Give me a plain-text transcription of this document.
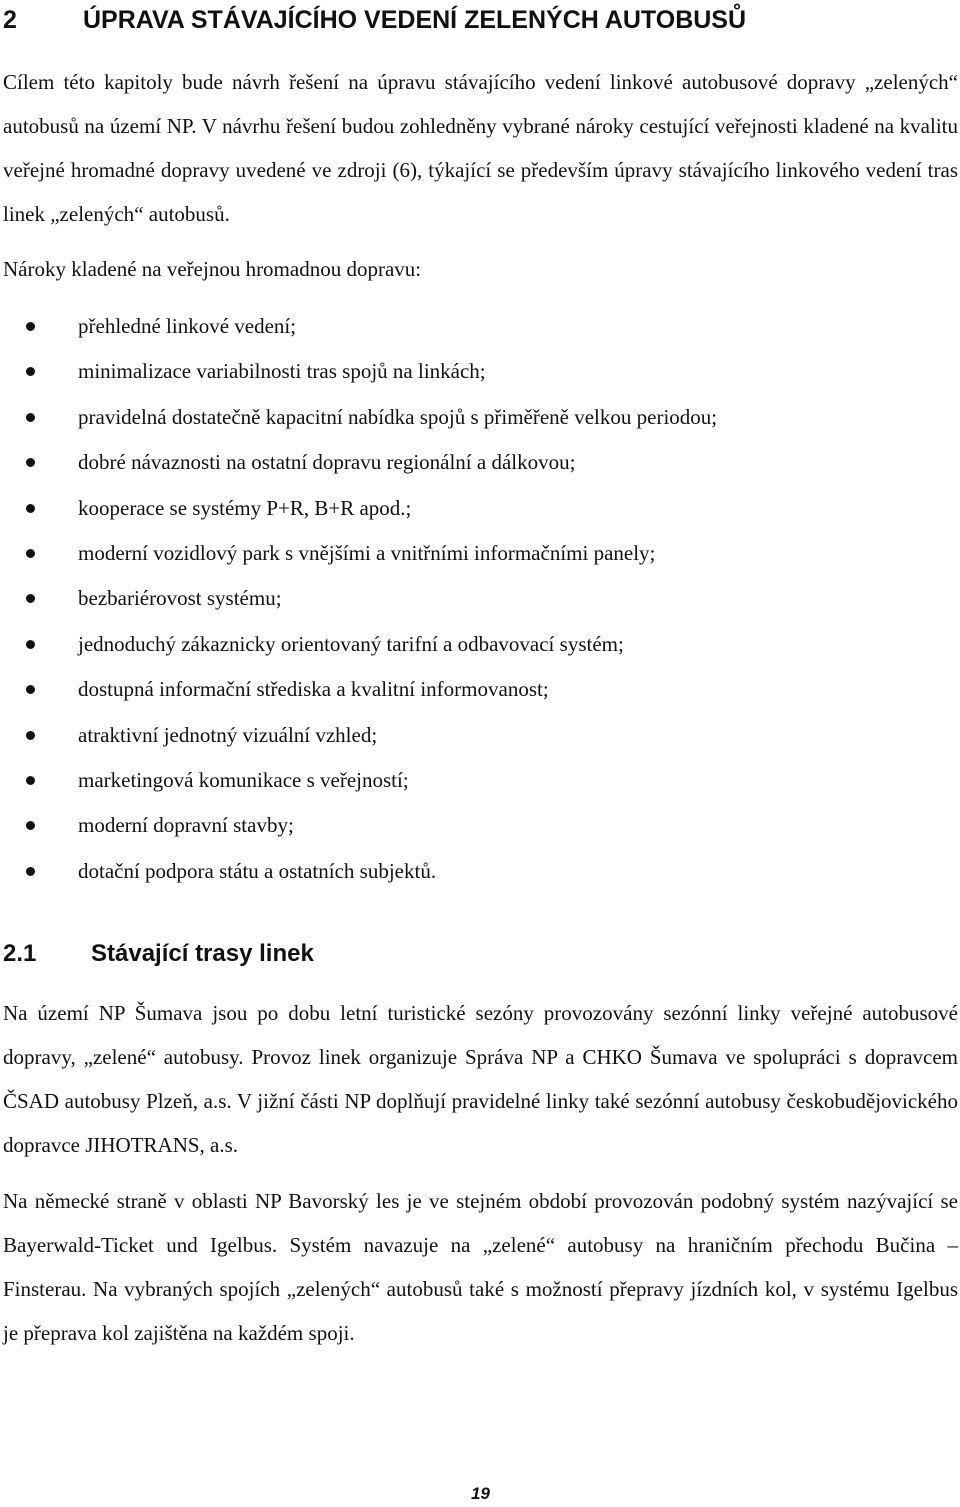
2	ÚPRAVA STÁVAJÍCÍHO VEDENÍ ZELENÝCH AUTOBUSŮ

Cílem této kapitoly bude návrh řešení na úpravu stávajícího vedení linkové autobusové dopravy „zelených“ autobusů na území NP. V návrhu řešení budou zohledněny vybrané nároky cestující veřejnosti kladené na kvalitu veřejné hromadné dopravy uvedené ve zdroji (6), týkající se především úpravy stávajícího linkového vedení tras linek „zelených“ autobusů.

Nároky kladené na veřejnou hromadnou dopravu:

přehledné linkové vedení;
minimalizace variabilnosti tras spojů na linkách;
pravidelná dostatečně kapacitní nabídka spojů s přiměřeně velkou periodou;
dobré návaznosti na ostatní dopravu regionální a dálkovou;
kooperace se systémy P+R, B+R apod.;
moderní vozidlový park s vnějšími a vnitřními informačními panely;
bezbariérovost systému;
jednoduchý zákaznicky orientovaný tarifní a odbavovací systém;
dostupná informační střediska a kvalitní informovanost;
atraktivní jednotný vizuální vzhled;
marketingová komunikace s veřejností;
moderní dopravní stavby;
dotační podpora státu a ostatních subjektů.
2.1 Stávající trasy linek

Na území NP Šumava jsou po dobu letní turistické sezóny provozovány sezónní linky veřejné autobusové dopravy, „zelené“ autobusy. Provoz linek organizuje Správa NP a CHKO Šumava ve spolupráci s dopravcem ČSAD autobusy Plzeň, a.s. V jižní části NP doplňují pravidelné linky také sezónní autobusy českobudějovického dopravce JIHOTRANS, a.s.

Na německé straně v oblasti NP Bavorský les je ve stejném období provozován podobný systém nazývající se Bayerwald-Ticket und Igelbus. Systém navazuje na „zelené“ autobusy na hraničním přechodu Bučina – Finsterau. Na vybraných spojích „zelených“ autobusů také s možností přepravy jízdních kol, v systému Igelbus je přeprava kol zajištěna na každém spoji.

19
